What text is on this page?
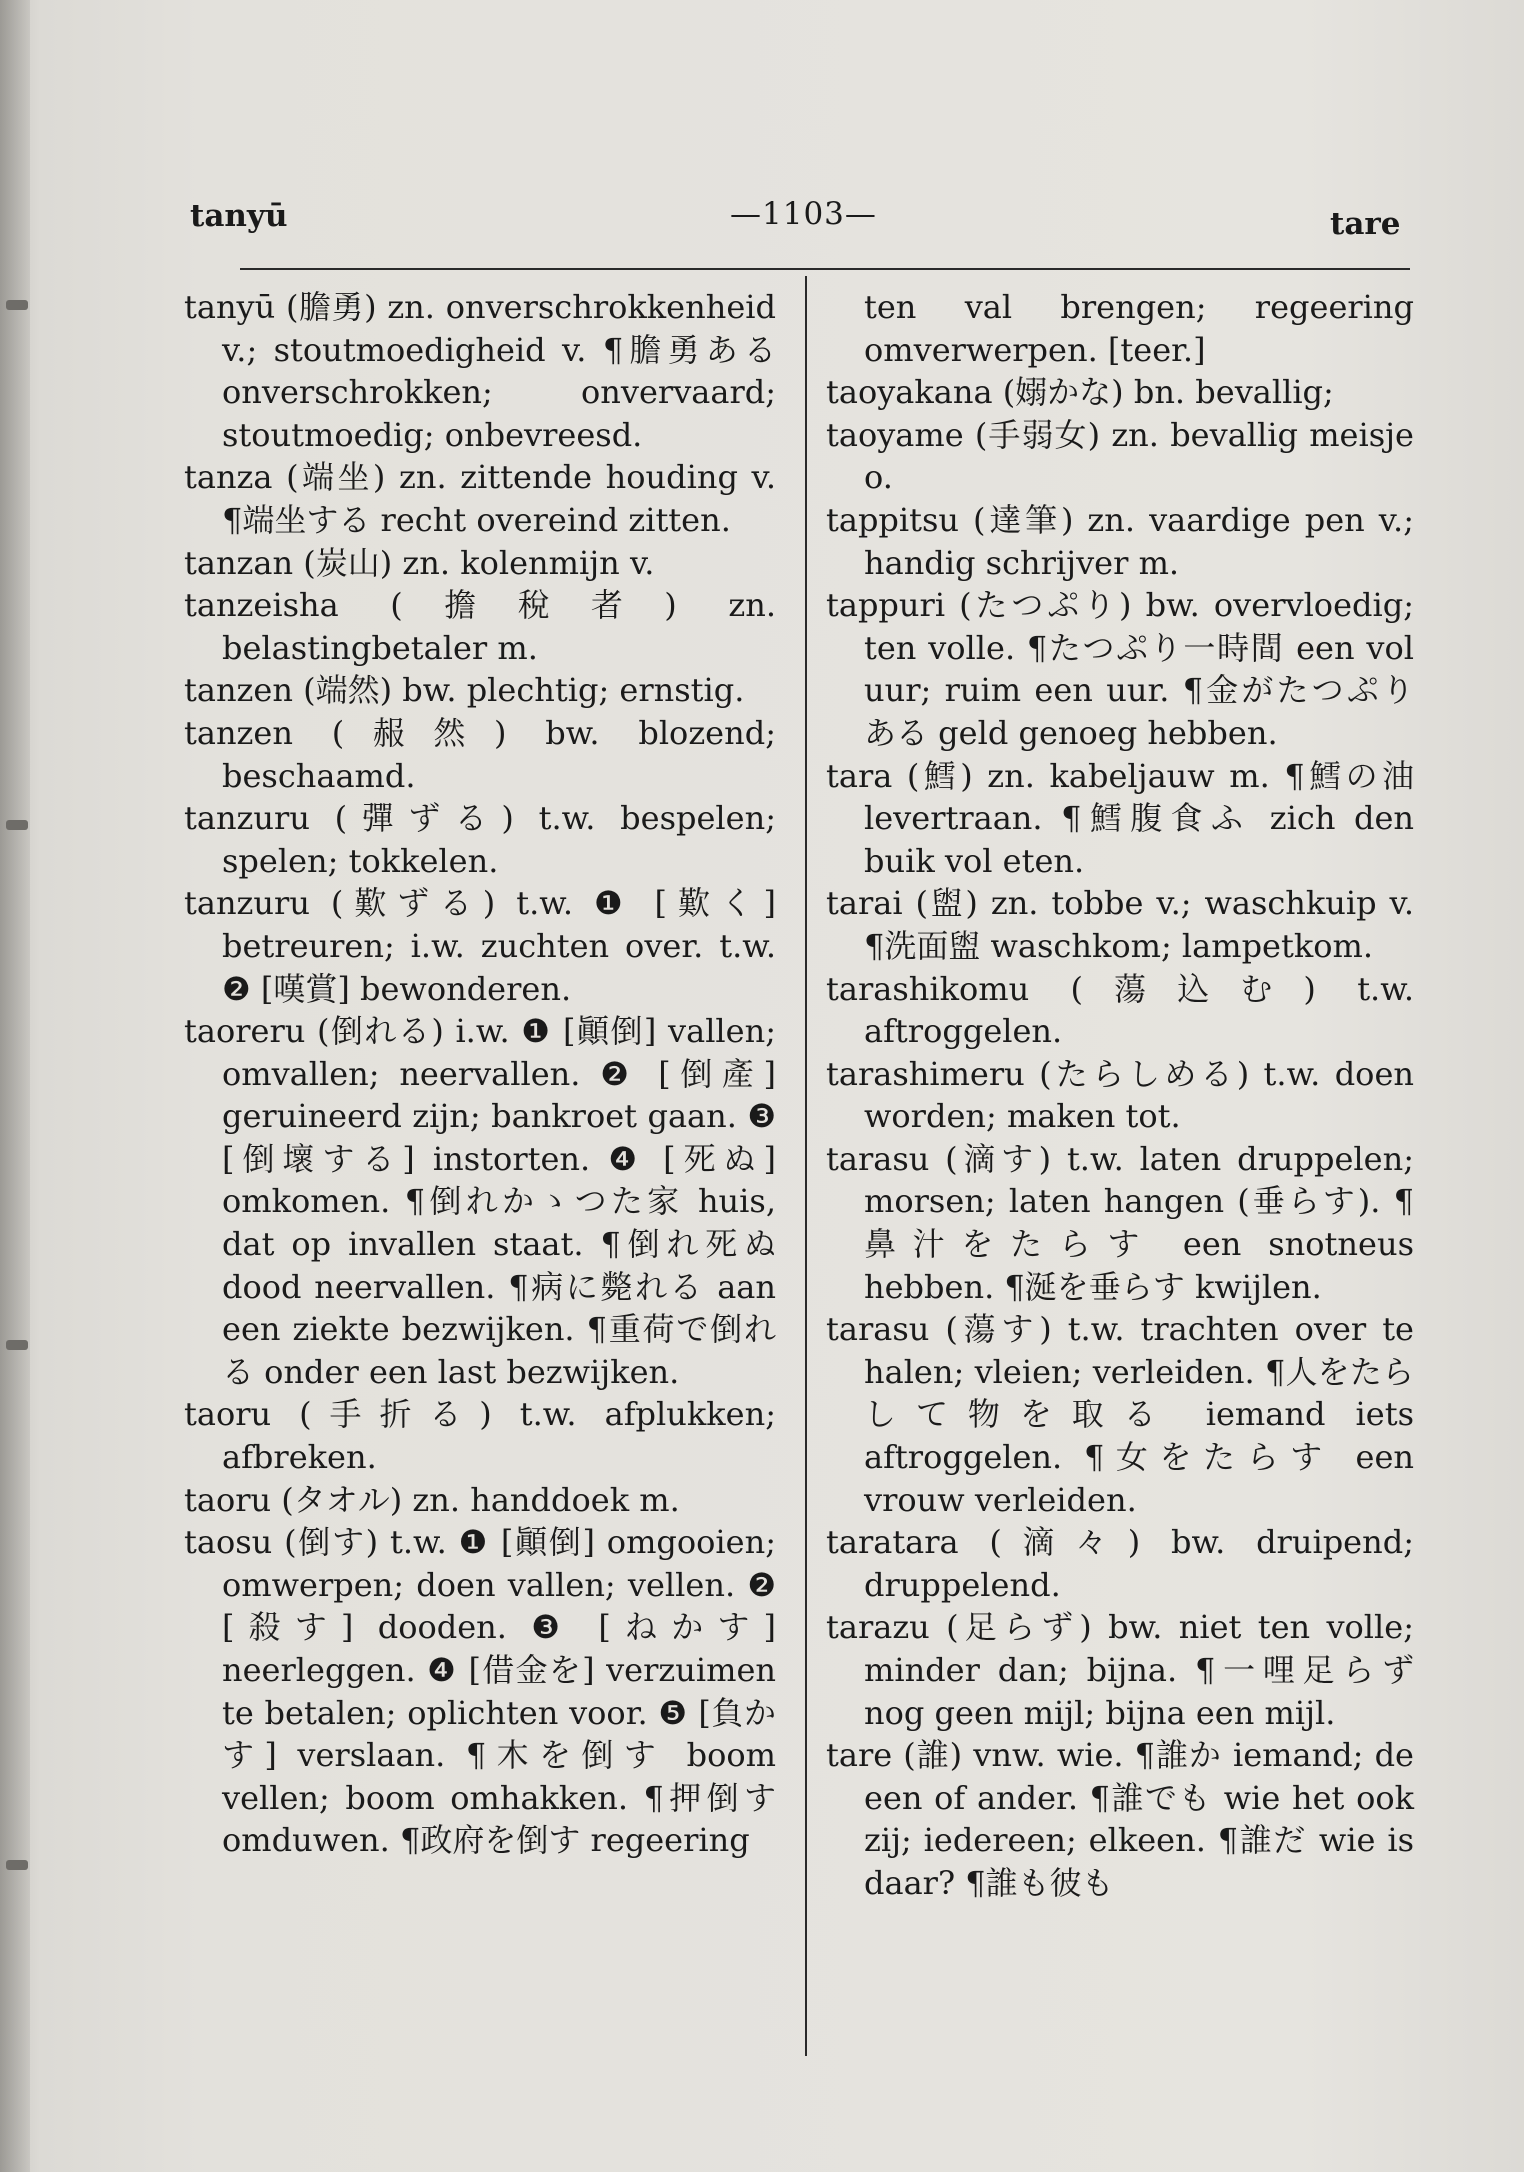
tanyū	—1103—	tare

tanyū (膽勇) zn. onverschrokkenheid v.; stoutmoedigheid v. ¶膽勇ある onverschrokken; onvervaard; stoutmoedig; onbevreesd.

tanza (端坐) zn. zittende houding v. ¶端坐する recht overeind zitten.

tanzan (炭山) zn. kolenmijn v.

tanzeisha (擔稅者) zn. belastingbetaler m.

tanzen (端然) bw. plechtig; ernstig.

tanzen (赧然) bw. blozend; beschaamd.

tanzuru (彈ずる) t.w. bespelen; spelen; tokkelen.

tanzuru (歎ずる) t.w. ❶ [歎く] betreuren; i.w. zuchten over. t.w. ❷ [嘆賞] bewonderen.

taoreru (倒れる) i.w. ❶ [顚倒] vallen; omvallen; neervallen. ❷ [倒產] geruineerd zijn; bankroet gaan. ❸ [倒壞する] instorten. ❹ [死ぬ] omkomen. ¶倒れかゝつた家 huis, dat op invallen staat. ¶倒れ死ぬ dood neervallen. ¶病に斃れる aan een ziekte bezwijken. ¶重荷で倒れる onder een last bezwijken.

taoru (手折る) t.w. afplukken; afbreken.

taoru (タオル) zn. handdoek m.

taosu (倒す) t.w. ❶ [顚倒] omgooien; omwerpen; doen vallen; vellen. ❷ [殺す] dooden. ❸ [ねかす] neerleggen. ❹ [借金を] verzuimen te betalen; oplichten voor. ❺ [負かす] verslaan. ¶木を倒す boom vellen; boom omhakken. ¶押倒す omduwen. ¶政府を倒す regeering

ten val brengen; regeering omverwerpen. [teer.]

taoyakana (嫋かな) bn. bevallig;

taoyame (手弱女) zn. bevallig meisje o.

tappitsu (達筆) zn. vaardige pen v.; handig schrijver m.

tappuri (たつぷり) bw. overvloedig; ten volle. ¶たつぷり一時間 een vol uur; ruim een uur. ¶金がたつぷりある geld genoeg hebben.

tara (鱈) zn. kabeljauw m. ¶鱈の油 levertraan. ¶鱈腹食ふ zich den buik vol eten.

tarai (盥) zn. tobbe v.; waschkuip v. ¶洗面盥 waschkom; lampetkom.

tarashikomu (蕩込む) t.w. aftroggelen.

tarashimeru (たらしめる) t.w. doen worden; maken tot.

tarasu (滴す) t.w. laten druppelen; morsen; laten hangen (垂らす). ¶鼻汁をたらす een snotneus hebben. ¶涎を垂らす kwijlen.

tarasu (蕩す) t.w. trachten over te halen; vleien; verleiden. ¶人をたらして物を取る iemand iets aftroggelen. ¶女をたらす een vrouw verleiden.

taratara (滴々) bw. druipend; druppelend.

tarazu (足らず) bw. niet ten volle; minder dan; bijna. ¶一哩足らず nog geen mijl; bijna een mijl.

tare (誰) vnw. wie. ¶誰か iemand; de een of ander. ¶誰でも wie het ook zij; iedereen; elkeen. ¶誰だ wie is daar? ¶誰も彼も
